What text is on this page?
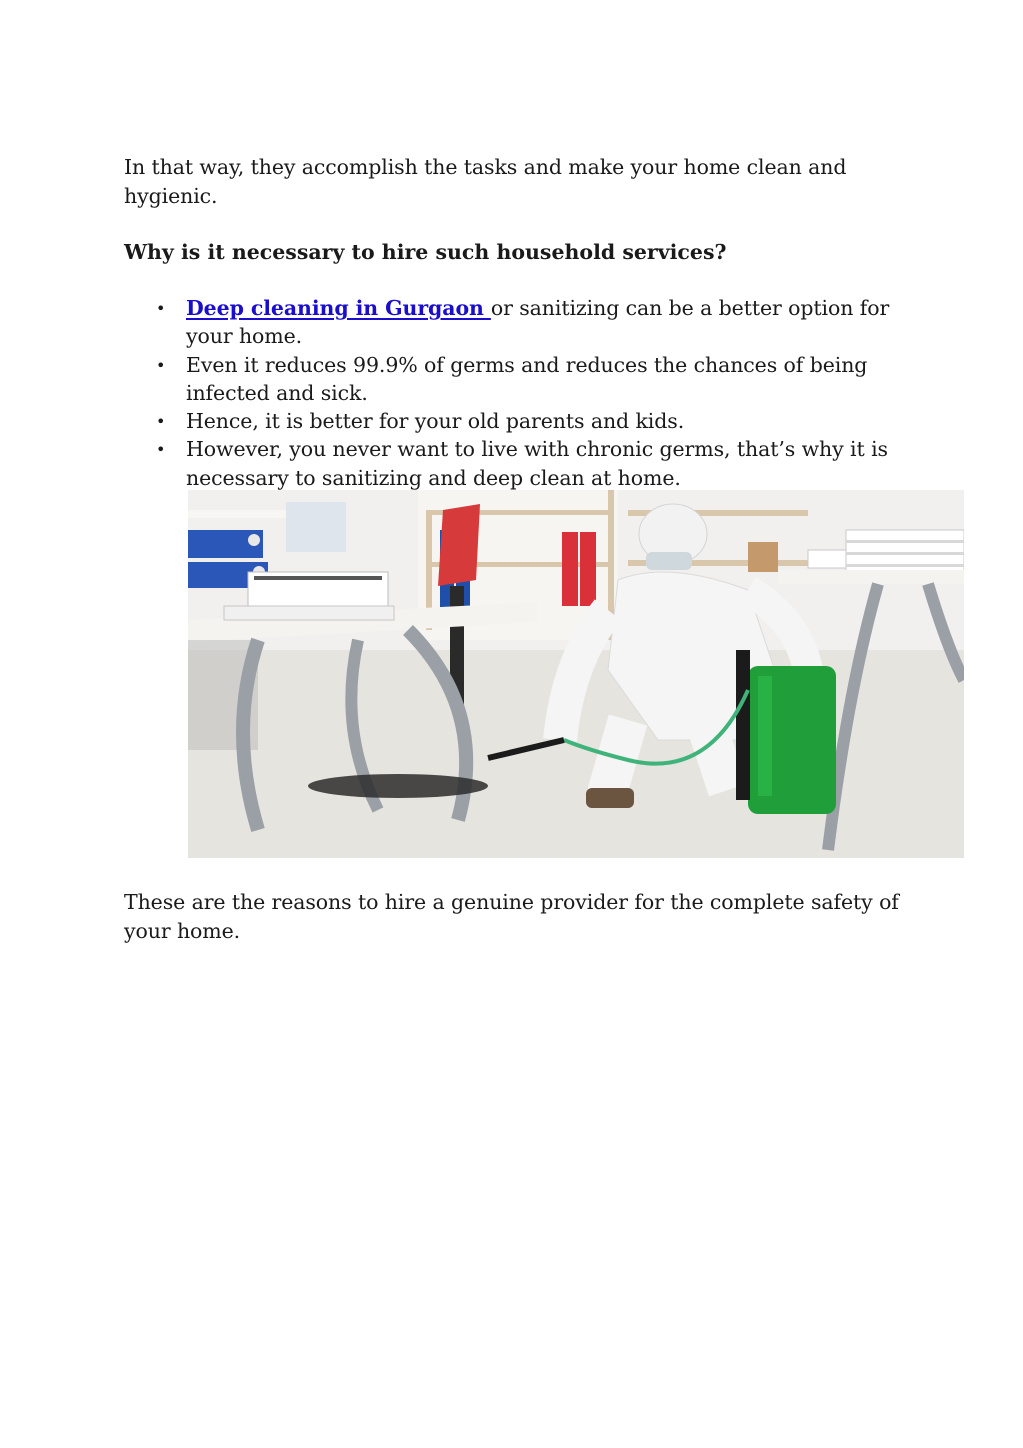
In that way, they accomplish the tasks and make your home clean and hygienic.

Why is it necessary to hire such household services?

• Deep cleaning in Gurgaon or sanitizing can be a better option for your home.
• Even it reduces 99.9% of germs and reduces the chances of being infected and sick.
• Hence, it is better for your old parents and kids.
• However, you never want to live with chronic germs, that’s why it is necessary to sanitizing and deep clean at home.

These are the reasons to hire a genuine provider for the complete safety of your home.
